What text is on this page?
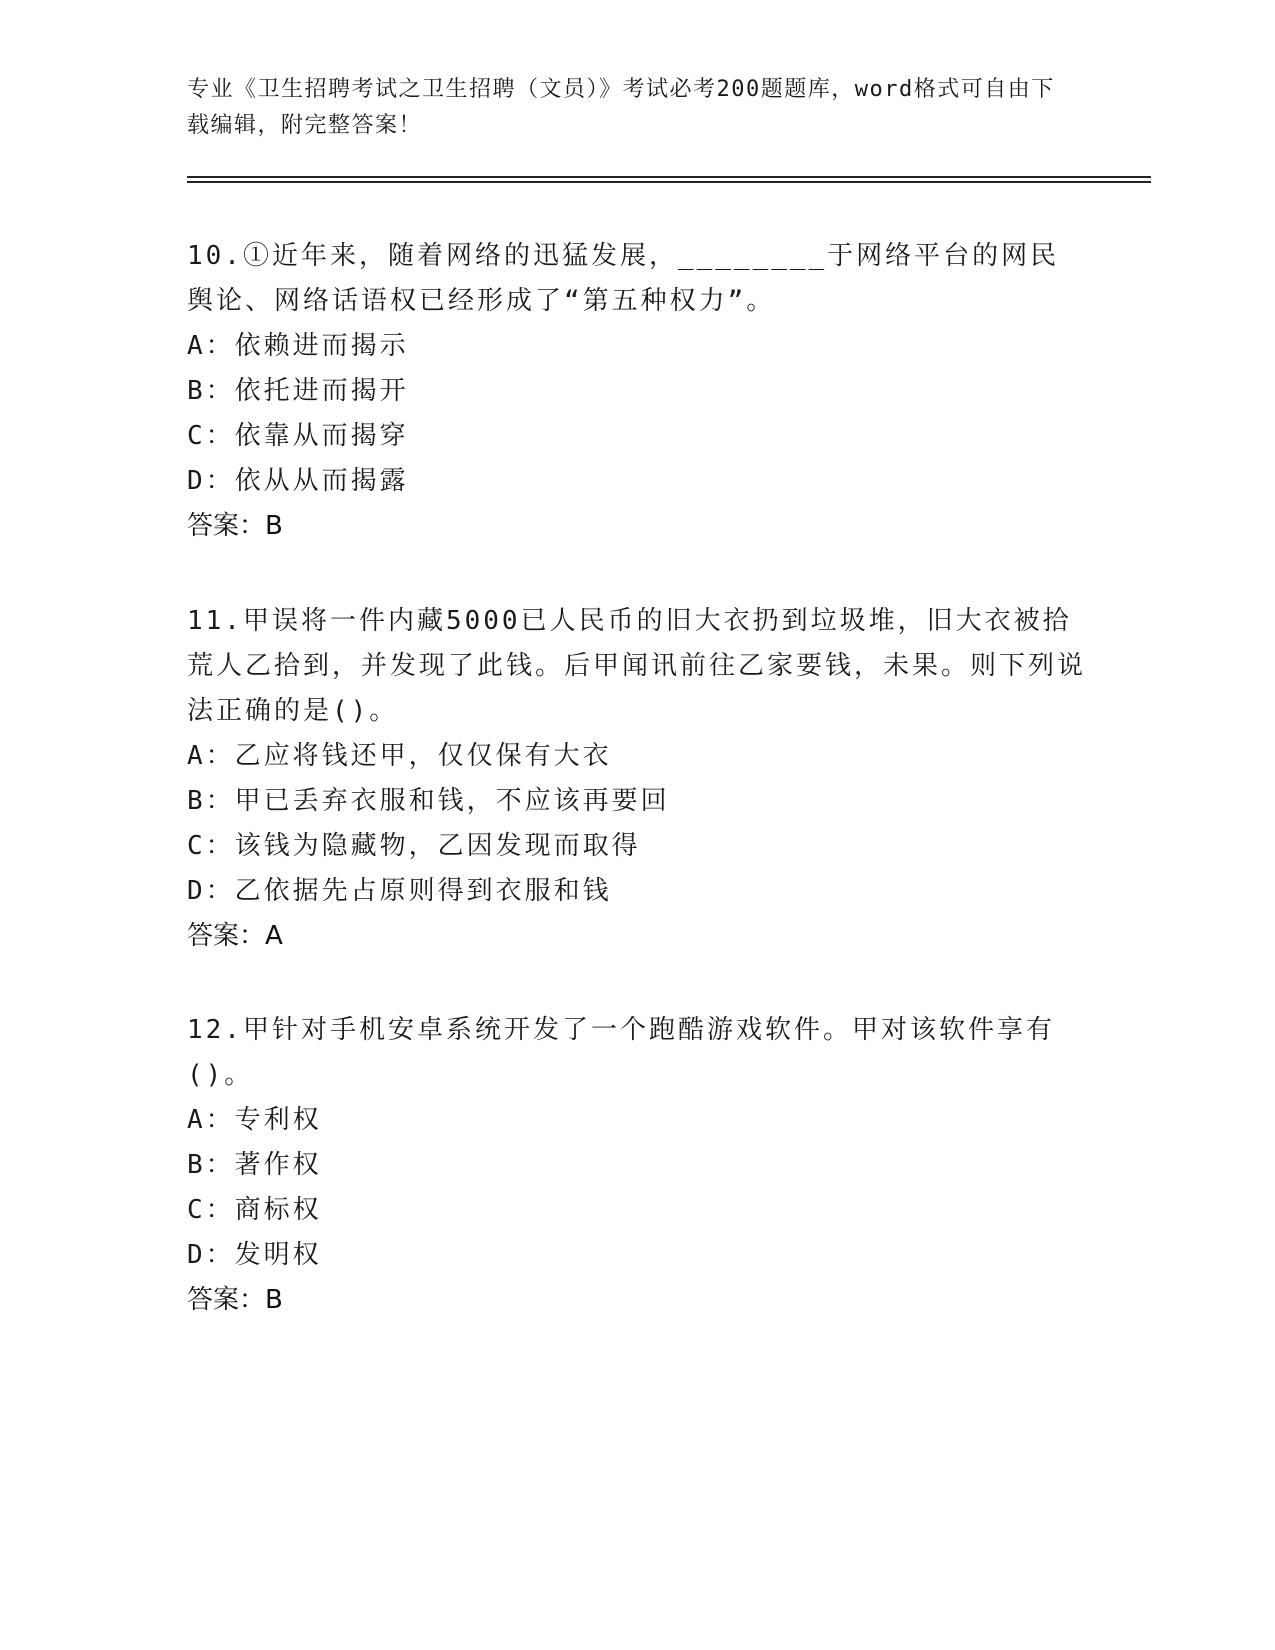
专业《卫生招聘考试之卫生招聘（文员）》考试必考200题题库，word格式可自由下载编辑，附完整答案！

10.①近年来，随着网络的迅猛发展，________于网络平台的网民舆论、网络话语权已经形成了“第五种权力”。

A：依赖进而揭示

B：依托进而揭开

C：依靠从而揭穿

D：依从从而揭露

答案：B

11.甲误将一件内藏5000已人民币的旧大衣扔到垃圾堆，旧大衣被拾荒人乙拾到，并发现了此钱。后甲闻讯前往乙家要钱，未果。则下列说法正确的是()。

A：乙应将钱还甲，仅仅保有大衣

B：甲已丢弃衣服和钱，不应该再要回

C：该钱为隐藏物，乙因发现而取得

D：乙依据先占原则得到衣服和钱

答案：A

12.甲针对手机安卓系统开发了一个跑酷游戏软件。甲对该软件享有()。

A：专利权

B：著作权

C：商标权

D：发明权

答案：B
